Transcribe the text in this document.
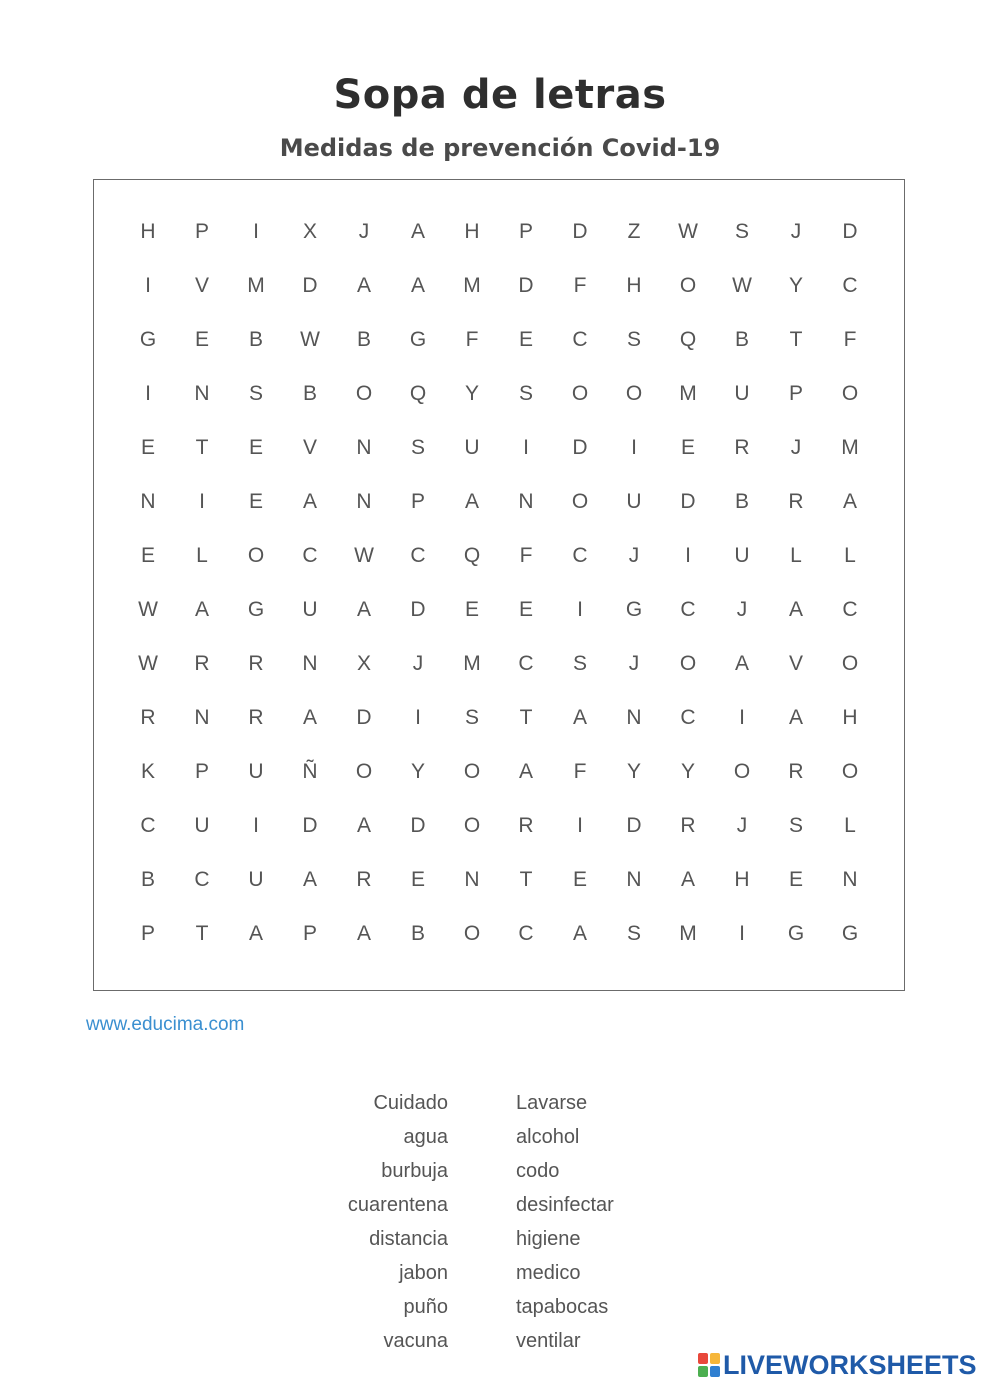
Sopa de letras
Medidas de prevención Covid-19
H	P	I	X	J	A	H	P	D	Z	W	S	J	D
I	V	M	D	A	A	M	D	F	H	O	W	Y	C
G	E	B	W	B	G	F	E	C	S	Q	B	T	F
I	N	S	B	O	Q	Y	S	O	O	M	U	P	O
E	T	E	V	N	S	U	I	D	I	E	R	J	M
N	I	E	A	N	P	A	N	O	U	D	B	R	A
E	L	O	C	W	C	Q	F	C	J	I	U	L	L
W	A	G	U	A	D	E	E	I	G	C	J	A	C
W	R	R	N	X	J	M	C	S	J	O	A	V	O
R	N	R	A	D	I	S	T	A	N	C	I	A	H
K	P	U	Ñ	O	Y	O	A	F	Y	Y	O	R	O
C	U	I	D	A	D	O	R	I	D	R	J	S	L
B	C	U	A	R	E	N	T	E	N	A	H	E	N
P	T	A	P	A	B	O	C	A	S	M	I	G	G
www.educima.com
Cuidado
agua
burbuja
cuarentena
distancia
jabon
puño
vacuna
Lavarse
alcohol
codo
desinfectar
higiene
medico
tapabocas
ventilar
LIVEWORKSHEETS
